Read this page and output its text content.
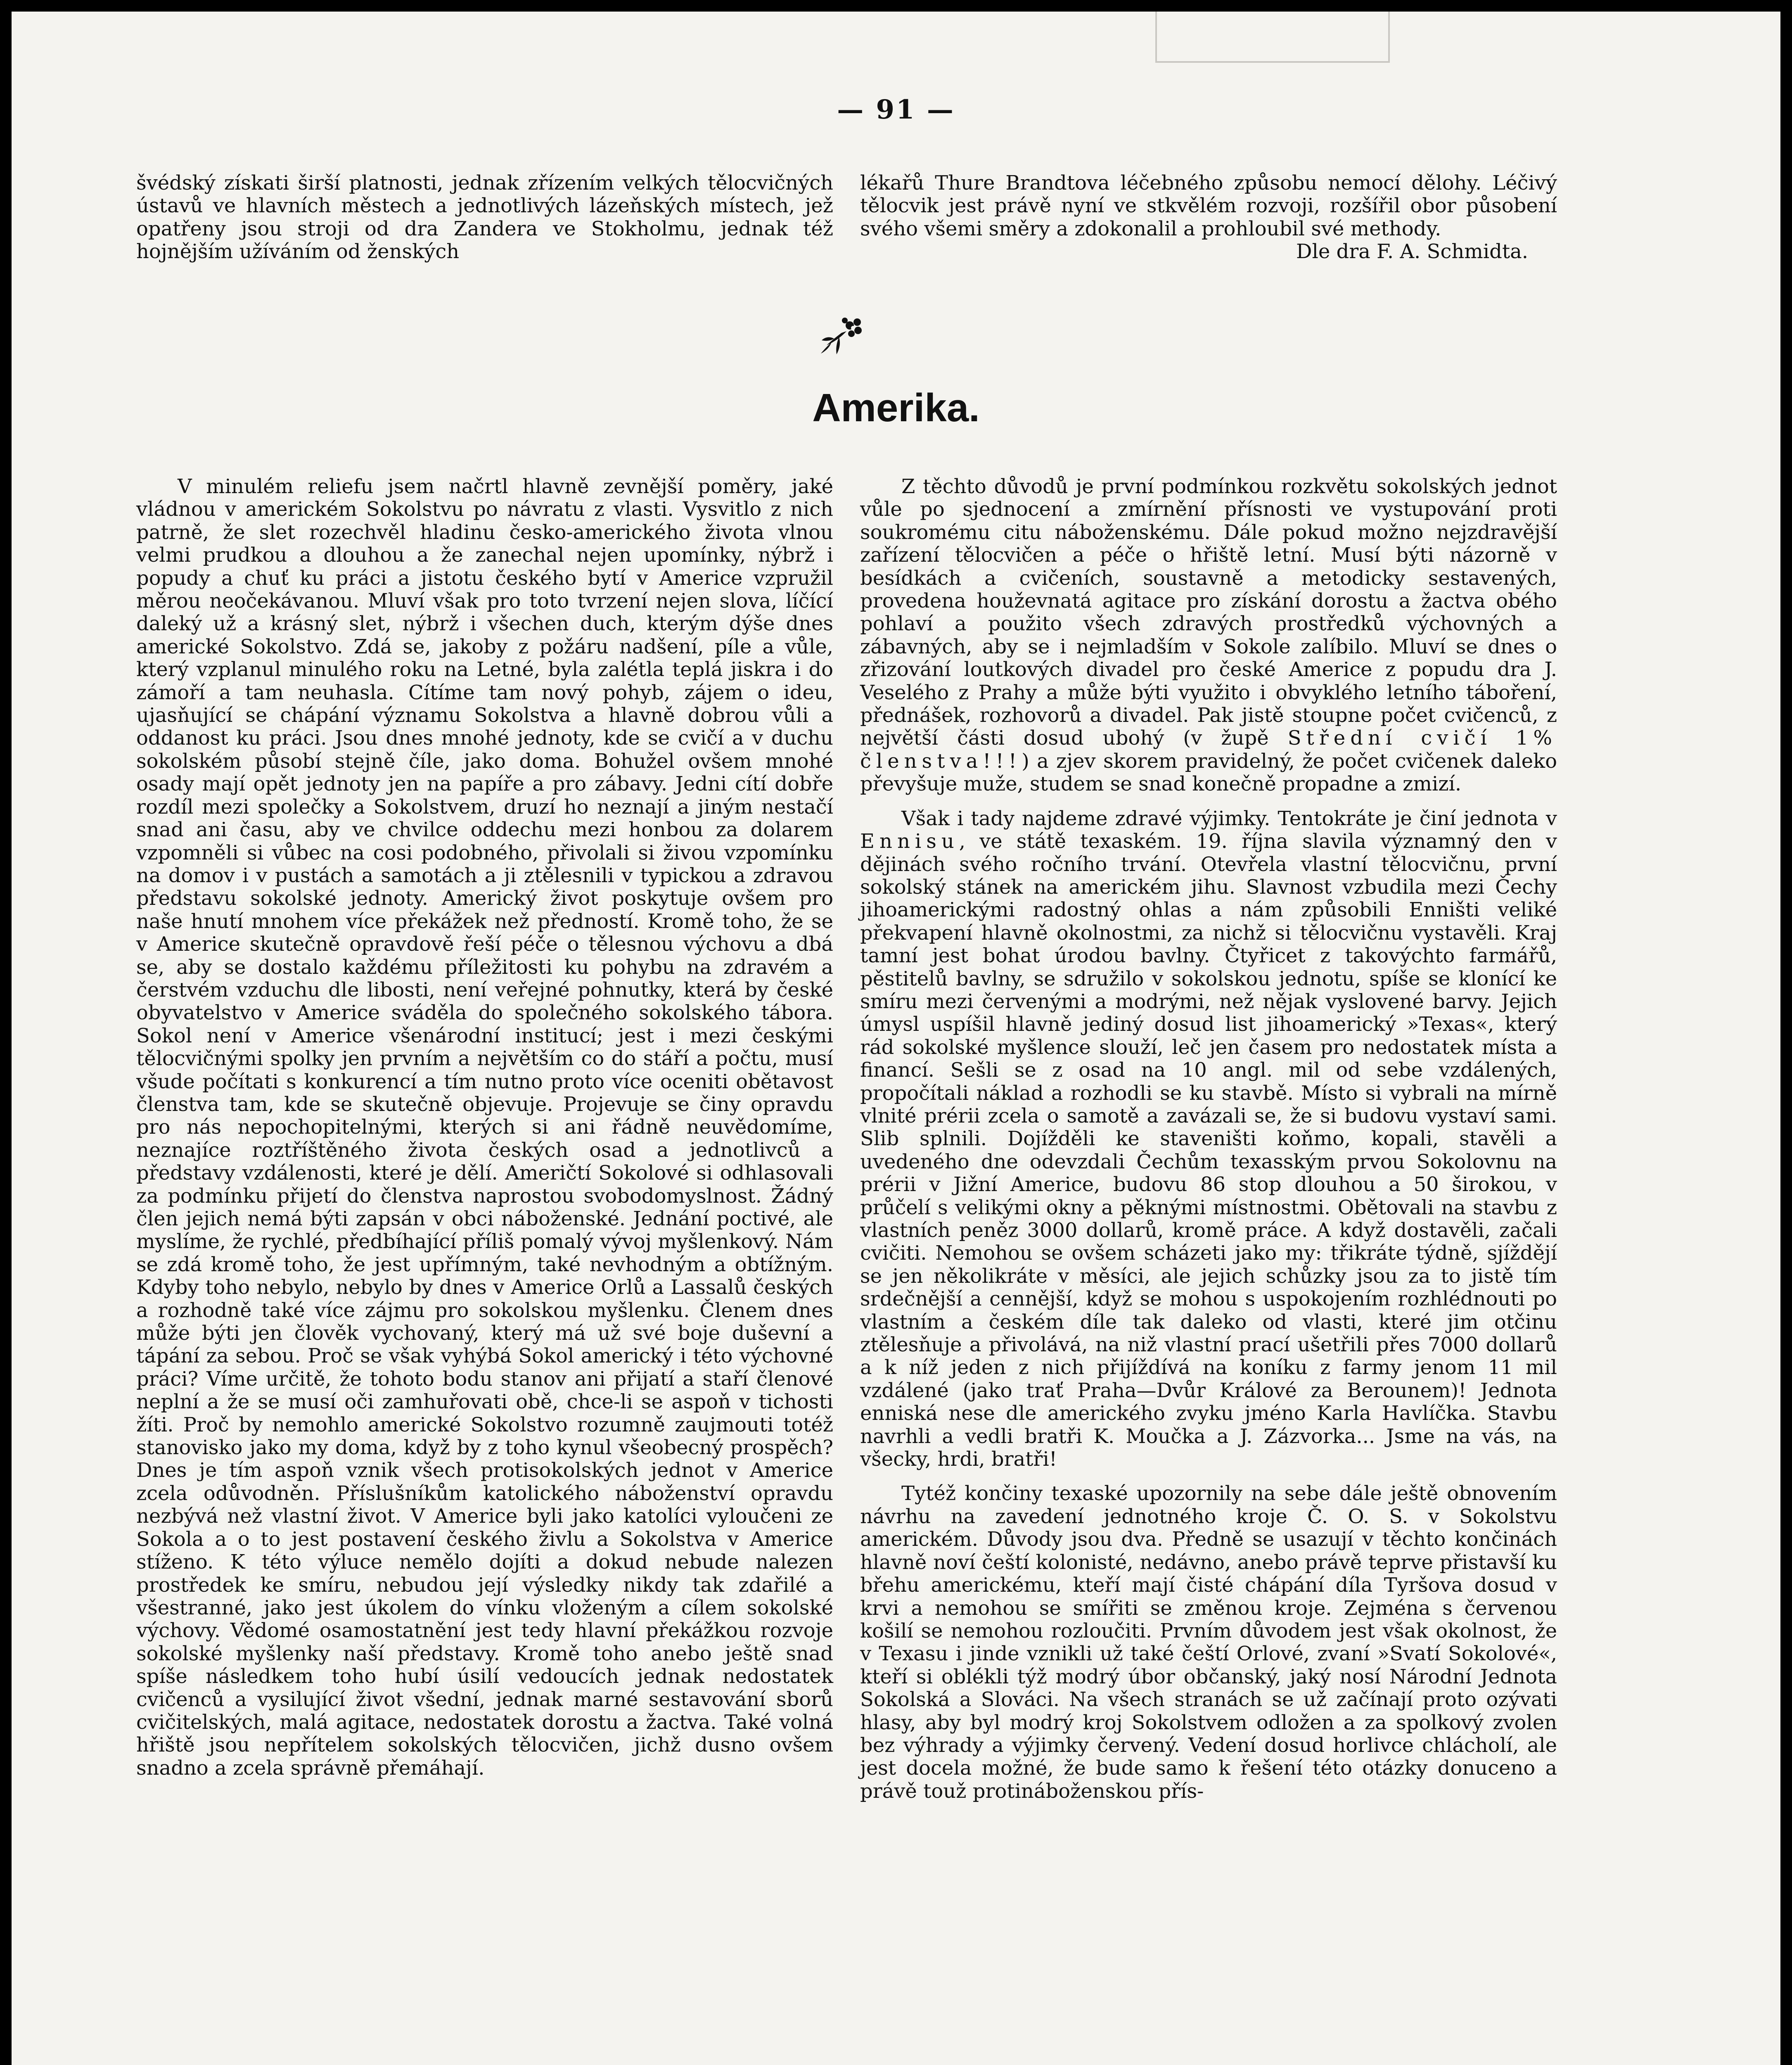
— 91 —

švédský získati širší platnosti, jednak zřízením velkých tělocvičných ústavů ve hlavních městech a jednotlivých lázeňských místech, jež opatřeny jsou stroji od dra Zandera ve Stokholmu, jednak též hojnějším užíváním od ženských

lékařů Thure Brandtova léčebného způsobu nemocí dělohy. Léčivý tělocvik jest právě nyní ve stkvělém rozvoji, rozšířil obor působení svého všemi směry a zdokonalil a prohloubil své methody.
Dle dra F. A. Schmidta.

Amerika.

V minulém reliefu jsem načrtl hlavně zevnější poměry, jaké vládnou v americkém Sokolstvu po návratu z vlasti. Vysvitlo z nich patrně, že slet rozechvěl hladinu česko-amerického života vlnou velmi prudkou a dlouhou a že zanechal nejen upomínky, nýbrž i popudy a chuť ku práci a jistotu českého bytí v Americe vzpružil měrou neočekávanou. Mluví však pro toto tvrzení nejen slova, líčící daleký už a krásný slet, nýbrž i všechen duch, kterým dýše dnes americké Sokolstvo. Zdá se, jakoby z požáru nadšení, píle a vůle, který vzplanul minulého roku na Letné, byla zalétla teplá jiskra i do zámoří a tam neuhasla. Cítíme tam nový pohyb, zájem o ideu, ujasňující se chápání významu Sokolstva a hlavně dobrou vůli a oddanost ku práci. Jsou dnes mnohé jednoty, kde se cvičí a v duchu sokolském působí stejně číle, jako doma. Bohužel ovšem mnohé osady mají opět jednoty jen na papíře a pro zábavy. Jedni cítí dobře rozdíl mezi společky a Sokolstvem, druzí ho neznají a jiným nestačí snad ani času, aby ve chvilce oddechu mezi honbou za dolarem vzpomněli si vůbec na cosi podobného, přivolali si živou vzpomínku na domov i v pustách a samotách a ji ztělesnili v typickou a zdravou představu sokolské jednoty. Americký život poskytuje ovšem pro naše hnutí mnohem více překážek než předností. Kromě toho, že se v Americe skutečně opravdově řeší péče o tělesnou výchovu a dbá se, aby se dostalo každému příležitosti ku pohybu na zdravém a čerstvém vzduchu dle libosti, není veřejné pohnutky, která by české obyvatelstvo v Americe sváděla do společného sokolského tábora. Sokol není v Americe všenárodní institucí; jest i mezi českými tělocvičnými spolky jen prvním a největším co do stáří a počtu, musí všude počítati s konkurencí a tím nutno proto více oceniti obětavost členstva tam, kde se skutečně objevuje. Projevuje se činy opravdu pro nás nepochopitelnými, kterých si ani řádně neuvědomíme, neznajíce roztříštěného života českých osad a jednotlivců a představy vzdálenosti, které je dělí. Američtí Sokolové si odhlasovali za podmínku přijetí do členstva naprostou svobodomyslnost. Žádný člen jejich nemá býti zapsán v obci náboženské. Jednání poctivé, ale myslíme, že rychlé, předbíhající příliš pomalý vývoj myšlenkový. Nám se zdá kromě toho, že jest upřímným, také nevhodným a obtížným. Kdyby toho nebylo, nebylo by dnes v Americe Orlů a Lassalů českých a rozhodně také více zájmu pro sokolskou myšlenku. Členem dnes může býti jen člověk vychovaný, který má už své boje duševní a tápání za sebou. Proč se však vyhýbá Sokol americký i této výchovné práci? Víme určitě, že tohoto bodu stanov ani přijatí a staří členové neplní a že se musí oči zamhuřovati obě, chce-li se aspoň v tichosti žíti. Proč by nemohlo americké Sokolstvo rozumně zaujmouti totéž stanovisko jako my doma, když by z toho kynul všeobecný prospěch? Dnes je tím aspoň vznik všech protisokolských jednot v Americe zcela odůvodněn. Příslušníkům katolického náboženství opravdu nezbývá než vlastní život. V Americe byli jako katolíci vyloučeni ze Sokola a o to jest postavení českého živlu a Sokolstva v Americe stíženo. K této výluce nemělo dojíti a dokud nebude nalezen prostředek ke smíru, nebudou její výsledky nikdy tak zdařilé a všestranné, jako jest úkolem do vínku vloženým a cílem sokolské výchovy. Vědomé osamostatnění jest tedy hlavní překážkou rozvoje sokolské myšlenky naší představy. Kromě toho anebo ještě snad spíše následkem toho hubí úsilí vedoucích jednak nedostatek cvičenců a vysilující život všední, jednak marné sestavování sborů cvičitelských, malá agitace, nedostatek dorostu a žactva. Také volná hřiště jsou nepřítelem sokolských tělocvičen, jichž dusno ovšem snadno a zcela správně přemáhají.

Z těchto důvodů je první podmínkou rozkvětu sokolských jednot vůle po sjednocení a zmírnění přísnosti ve vystupování proti soukromému citu náboženskému. Dále pokud možno nejzdravější zařízení tělocvičen a péče o hřiště letní. Musí býti názorně v besídkách a cvičeních, soustavně a metodicky sestavených, provedena houževnatá agitace pro získání dorostu a žactva obého pohlaví a použito všech zdravých prostředků výchovných a zábavných, aby se i nejmladším v Sokole zalíbilo. Mluví se dnes o zřizování loutkových divadel pro české Americe z popudu dra J. Veselého z Prahy a může býti využito i obvyklého letního táboření, přednášek, rozhovorů a divadel. Pak jistě stoupne počet cvičenců, z největší části dosud ubohý (v župě Střední cvičí 1% členstva!!!) a zjev skorem pravidelný, že počet cvičenek daleko převyšuje muže, studem se snad konečně propadne a zmizí.

Však i tady najdeme zdravé výjimky. Tentokráte je činí jednota v Ennisu, ve státě texaském. 19. října slavila významný den v dějinách svého ročního trvání. Otevřela vlastní tělocvičnu, první sokolský stánek na americkém jihu. Slavnost vzbudila mezi Čechy jihoamerickými radostný ohlas a nám způsobili Enništi veliké překvapení hlavně okolnostmi, za nichž si tělocvičnu vystavěli. Kraj tamní jest bohat úrodou bavlny. Čtyřicet z takovýchto farmářů, pěstitelů bavlny, se sdružilo v sokolskou jednotu, spíše se klonící ke smíru mezi červenými a modrými, než nějak vyslovené barvy. Jejich úmysl uspíšil hlavně jediný dosud list jihoamerický »Texas«, který rád sokolské myšlence slouží, leč jen časem pro nedostatek místa a financí. Sešli se z osad na 10 angl. mil od sebe vzdálených, propočítali náklad a rozhodli se ku stavbě. Místo si vybrali na mírně vlnité prérii zcela o samotě a zavázali se, že si budovu vystaví sami. Slib splnili. Dojížděli ke staveništi koňmo, kopali, stavěli a uvedeného dne odevzdali Čechům texasským prvou Sokolovnu na prérii v Jižní Americe, budovu 86 stop dlouhou a 50 širokou, v průčelí s velikými okny a pěknými místnostmi. Obětovali na stavbu z vlastních peněz 3000 dollarů, kromě práce. A když dostavěli, začali cvičiti. Nemohou se ovšem scházeti jako my: třikráte týdně, sjíždějí se jen několikráte v měsíci, ale jejich schůzky jsou za to jistě tím srdečnější a cennější, když se mohou s uspokojením rozhlédnouti po vlastním a českém díle tak daleko od vlasti, které jim otčinu ztělesňuje a přivolává, na niž vlastní prací ušetřili přes 7000 dollarů a k níž jeden z nich přijíždívá na koníku z farmy jenom 11 mil vzdálené (jako trať Praha—Dvůr Králové za Berounem)! Jednota enniská nese dle amerického zvyku jméno Karla Havlíčka. Stavbu navrhli a vedli bratři K. Moučka a J. Zázvorka... Jsme na vás, na všecky, hrdi, bratři!

Tytéž končiny texaské upozornily na sebe dále ještě obnovením návrhu na zavedení jednotného kroje Č. O. S. v Sokolstvu americkém. Důvody jsou dva. Předně se usazují v těchto končinách hlavně noví čeští kolonisté, nedávno, anebo právě teprve přistavší ku břehu americkému, kteří mají čisté chápání díla Tyršova dosud v krvi a nemohou se smířiti se změnou kroje. Zejména s červenou košilí se nemohou rozloučiti. Prvním důvodem jest však okolnost, že v Texasu i jinde vznikli už také čeští Orlové, zvaní »Svatí Sokolové«, kteří si oblékli týž modrý úbor občanský, jaký nosí Národní Jednota Sokolská a Slováci. Na všech stranách se už začínají proto ozývati hlasy, aby byl modrý kroj Sokolstvem odložen a za spolkový zvolen bez výhrady a výjimky červený. Vedení dosud horlivce chlácholí, ale jest docela možné, že bude samo k řešení této otázky donuceno a právě touž protináboženskou přís-
